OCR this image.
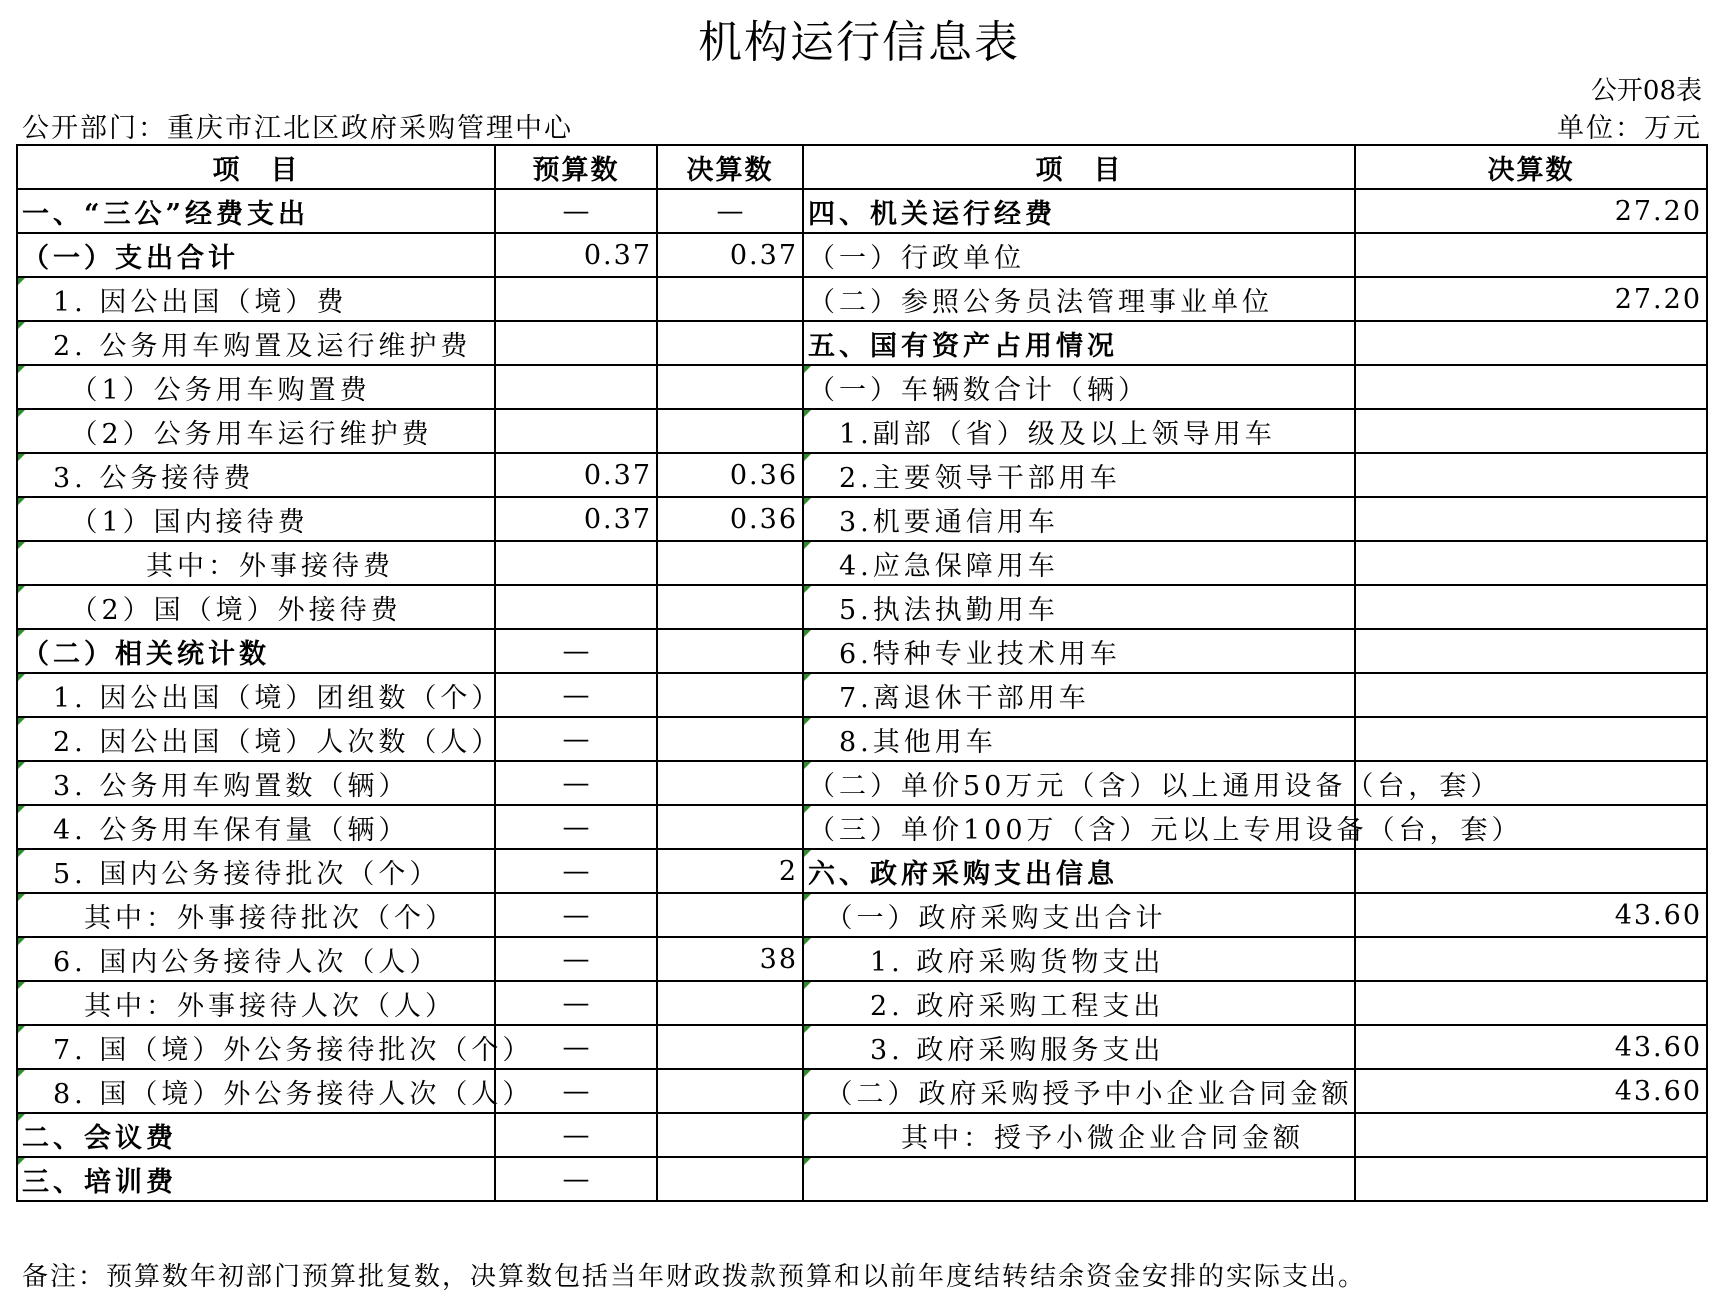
机构运行信息表
公开08表
公开部门：重庆市江北区政府采购管理中心	单位：万元
项　目	预算数	决算数	项　目	决算数
一、“三公”经费支出	—	—	四、机关运行经费	27.20
（一）支出合计	0.37	0.37	（一）行政单位	
　1. 因公出国（境）费			（二）参照公务员法管理事业单位	27.20
　2. 公务用车购置及运行维护费			五、国有资产占用情况	
　　（1）公务用车购置费			（一）车辆数合计（辆）	
　　（2）公务用车运行维护费			　1.副部（省）级及以上领导用车	
　3. 公务接待费	0.37	0.36	　2.主要领导干部用车	
　　（1）国内接待费	0.37	0.36	　3.机要通信用车	
　　　　其中：外事接待费			　4.应急保障用车	
　　（2）国（境）外接待费			　5.执法执勤用车	
（二）相关统计数	—		　6.特种专业技术用车	
　1. 因公出国（境）团组数（个）	—		　7.离退休干部用车	
　2. 因公出国（境）人次数（人）	—		　8.其他用车	
　3. 公务用车购置数（辆）	—		（二）单价50万元（含）以上通用设备（台，套）	
　4. 公务用车保有量（辆）	—		（三）单价100万（含）元以上专用设备（台，套）	
　5. 国内公务接待批次（个）	—	2	六、政府采购支出信息	
　　其中：外事接待批次（个）	—		　（一）政府采购支出合计	43.60
　6. 国内公务接待人次（人）	—	38	　　1. 政府采购货物支出	
　　其中：外事接待人次（人）	—		　　2. 政府采购工程支出	
　7. 国（境）外公务接待批次（个）	—		　　3. 政府采购服务支出	43.60
　8. 国（境）外公务接待人次（人）	—		　（二）政府采购授予中小企业合同金额	43.60
二、会议费	—		　　　其中：授予小微企业合同金额	
三、培训费	—			
备注：预算数年初部门预算批复数，决算数包括当年财政拨款预算和以前年度结转结余资金安排的实际支出。
